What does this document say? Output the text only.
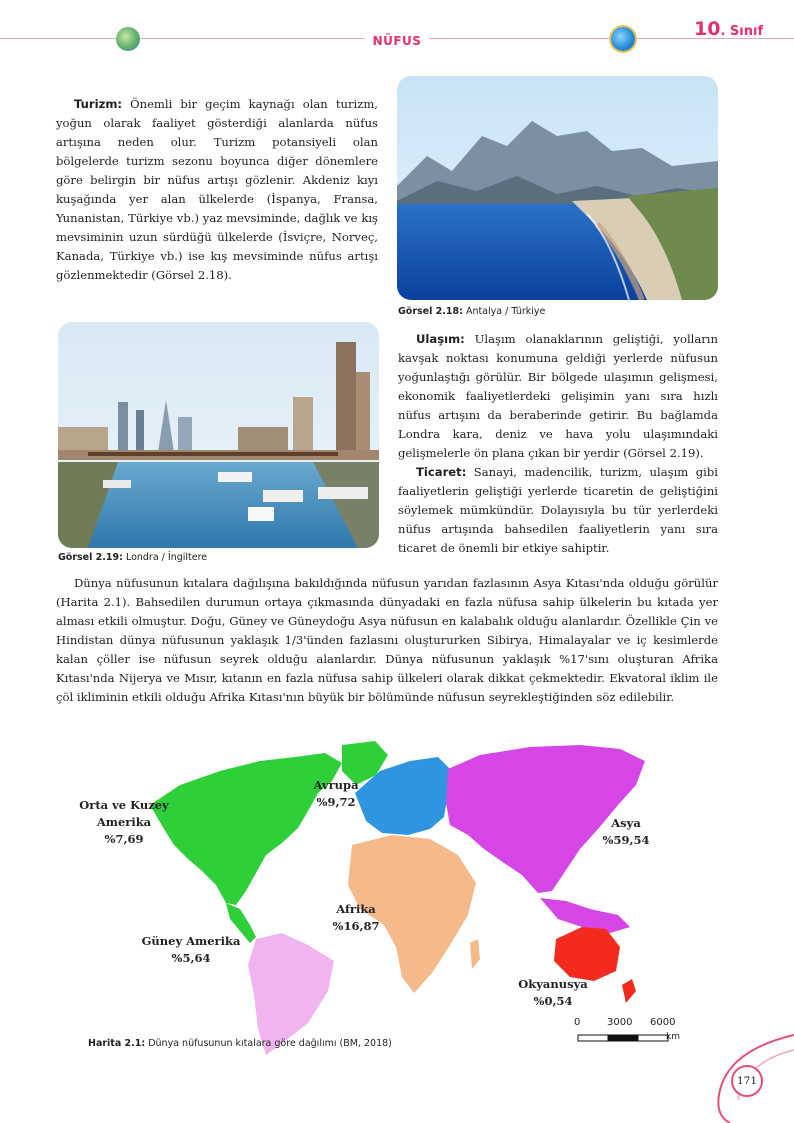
NÜFUS
10. Sınıf

Turizm: Önemli bir geçim kaynağı olan turizm, yoğun olarak faaliyet gösterdiği alanlarda nüfus artışına neden olur. Turizm potansiyeli olan bölgelerde turizm sezonu boyunca diğer dönemlere göre belirgin bir nüfus artışı gözlenir. Akdeniz kıyı kuşağında yer alan ülkelerde (İspanya, Fransa, Yunanistan, Türkiye vb.) yaz mevsiminde, dağlık ve kış mevsiminin uzun sürdüğü ülkelerde (İsviçre, Norveç, Kanada, Türkiye vb.) ise kış mevsiminde nüfus artışı gözlenmektedir (Görsel 2.18).

Görsel 2.18: Antalya / Türkiye
Görsel 2.19: Londra / İngiltere

Ulaşım: Ulaşım olanaklarının geliştiği, yolların kavşak noktası konumuna geldiği yerlerde nüfusun yoğunlaştığı görülür. Bir bölgede ulaşımın gelişmesi, ekonomik faaliyetlerdeki gelişimin yanı sıra hızlı nüfus artışını da beraberinde getirir. Bu bağlamda Londra kara, deniz ve hava yolu ulaşımındaki gelişmelerle ön plana çıkan bir yerdir (Görsel 2.19).

Ticaret: Sanayi, madencilik, turizm, ulaşım gibi faaliyetlerin geliştiği yerlerde ticaretin de geliştiğini söylemek mümkündür. Dolayısıyla bu tür yerlerdeki nüfus artışında bahsedilen faaliyetlerin yanı sıra ticaret de önemli bir etkiye sahiptir.

Dünya nüfusunun kıtalara dağılışına bakıldığında nüfusun yarıdan fazlasının Asya Kıtası'nda olduğu görülür (Harita 2.1). Bahsedilen durumun ortaya çıkmasında dünyadaki en fazla nüfusa sahip ülkelerin bu kıtada yer alması etkili olmuştur. Doğu, Güney ve Güneydoğu Asya nüfusun en kalabalık olduğu alanlardır. Özellikle Çin ve Hindistan dünya nüfusunun yaklaşık 1/3'ünden fazlasını oluştururken Sibirya, Himalayalar ve iç kesimlerde kalan çöller ise nüfusun seyrek olduğu alanlardır. Dünya nüfusunun yaklaşık %17'sını oluşturan Afrika Kıtası'nda Nijerya ve Mısır, kıtanın en fazla nüfusa sahip ülkeleri olarak dikkat çekmektedir. Ekvatoral iklim ile çöl ikliminin etkili olduğu Afrika Kıtası'nın büyük bir bölümünde nüfusun seyrekleştiğinden söz edilebilir.

Orta ve Kuzey
Amerika
%7,69
Avrupa
%9,72
Asya
%59,54
Afrika
%16,87
Güney Amerika
%5,64
Okyanusya
%0,54
0	3000 6000
km
Harita 2.1: Dünya nüfusunun kıtalara göre dağılımı (BM, 2018)
171
